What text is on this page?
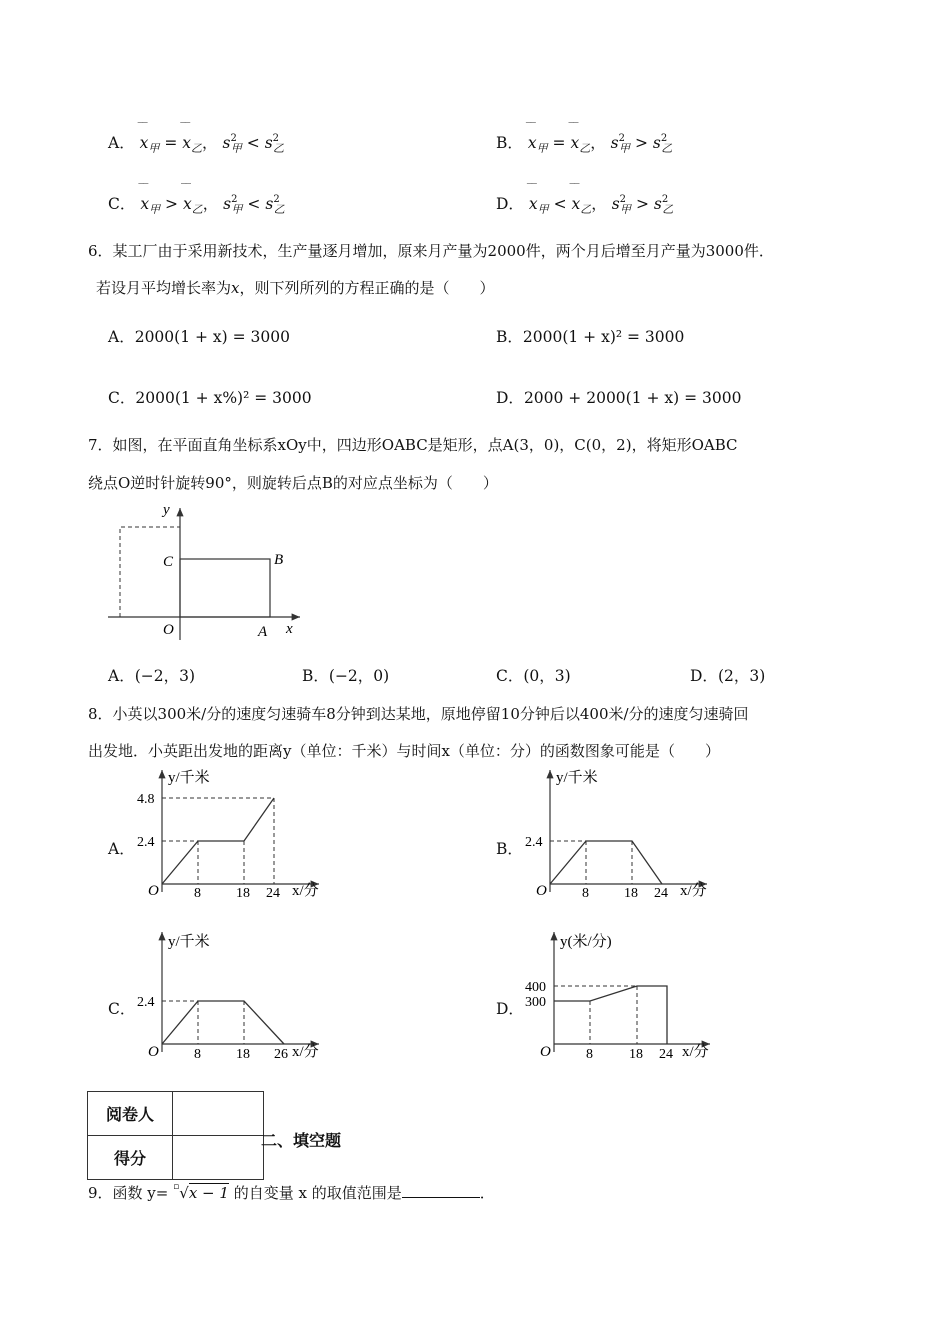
A． ‾‾ $x_甲$ = ‾‾ $x_乙$， $s^2_甲 < s^2_乙$	B． ‾‾ $x_甲$ = ‾‾ $x_乙$， $s^2_甲 > s^2_乙$
C． ‾‾ $x_甲$ > ‾‾ $x_乙$， $s^2_甲 < s^2_乙$	D． ‾‾ $x_甲$ < ‾‾ $x_乙$， $s^2_甲 > s^2_乙$
6．某工厂由于采用新技术，生产量逐月增加，原来月产量为2000件，两个月后增至月产量为3000件．
若设月平均增长率为x，则下列所列的方程正确的是（　　）
A．2000(1 + x) = 3000	B．2000(1 + x)² = 3000
C．2000(1 + x%)² = 3000	D．2000 + 2000(1 + x) = 3000
7．如图，在平面直角坐标系xOy中，四边形OABC是矩形，点A(3，0)，C(0，2)，将矩形OABC
绕点O逆时针旋转90°，则旋转后点B的对应点坐标为（　　）
y
x
C	B
O	A
A．(−2，3)	B．(−2，0)	C．(0，3)	D．(2，3)
8．小英以300米/分的速度匀速骑车8分钟到达某地，原地停留10分钟后以400米/分的速度匀速骑回
出发地．小英距出发地的距离y（单位：千米）与时间x（单位：分）的函数图象可能是（　　）
A．
y/千米
x/分
O	8	18 24
2.4
4.8
B．
y/千米
x/分
O	8	18 24
2.4
C．
y/千米
x/分
O	8	18 26
2.4	D．
y(米/分)
x/分
O	8	18 24
300
400
阅卷人	
得分	
二、填空题
9．函数 y= ▫√x − 1 的自变量 x 的取值范围是	．
